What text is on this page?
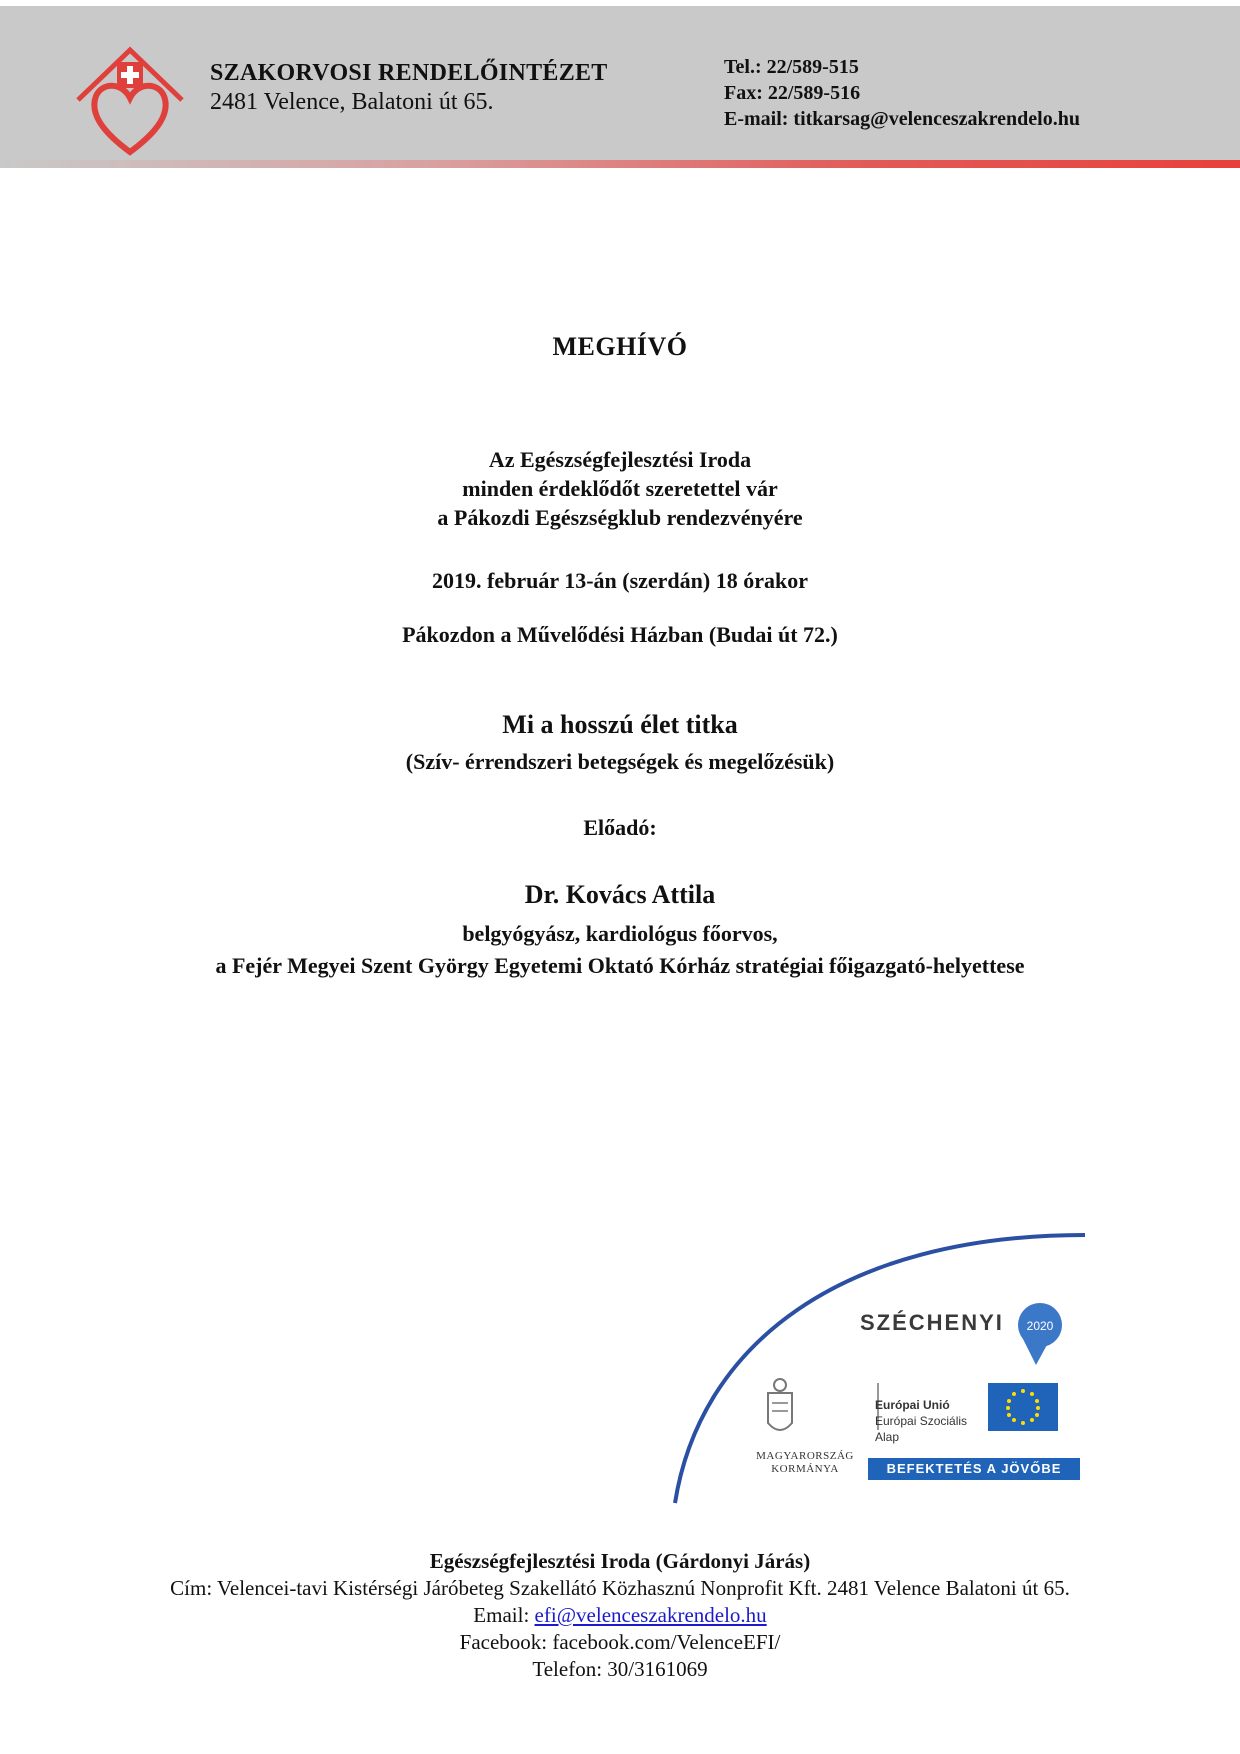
SZAKORVOSI RENDELŐINTÉZET
2481 Velence, Balatoni út 65.
Tel.: 22/589-515
Fax: 22/589-516
E-mail: titkarsag@velenceszakrendelo.hu
MEGHÍVÓ
Az Egészségfejlesztési Iroda
minden érdeklődőt szeretettel vár
a Pákozdi Egészségklub rendezvényére
2019. február 13-án (szerdán) 18 órakor
Pákozdon a Művelődési Házban (Budai út 72.)
Mi a hosszú élet titka
(Szív- érrendszeri betegségek és megelőzésük)
Előadó:
Dr. Kovács Attila
belgyógyász, kardiológus főorvos,
a Fejér Megyei Szent György Egyetemi Oktató Kórház stratégiai főigazgató-helyettese
2020
SZÉCHENYI
MAGYARORSZÁG
KORMÁNYA
Európai Unió
Európai Szociális
Alap
BEFEKTETÉS A JÖVŐBE
Egészségfejlesztési Iroda (Gárdonyi Járás)
Cím: Velencei-tavi Kistérségi Járóbeteg Szakellátó Közhasznú Nonprofit Kft. 2481 Velence Balatoni út 65.
Email: efi@velenceszakrendelo.hu
Facebook: facebook.com/VelenceEFI/
Telefon: 30/3161069
